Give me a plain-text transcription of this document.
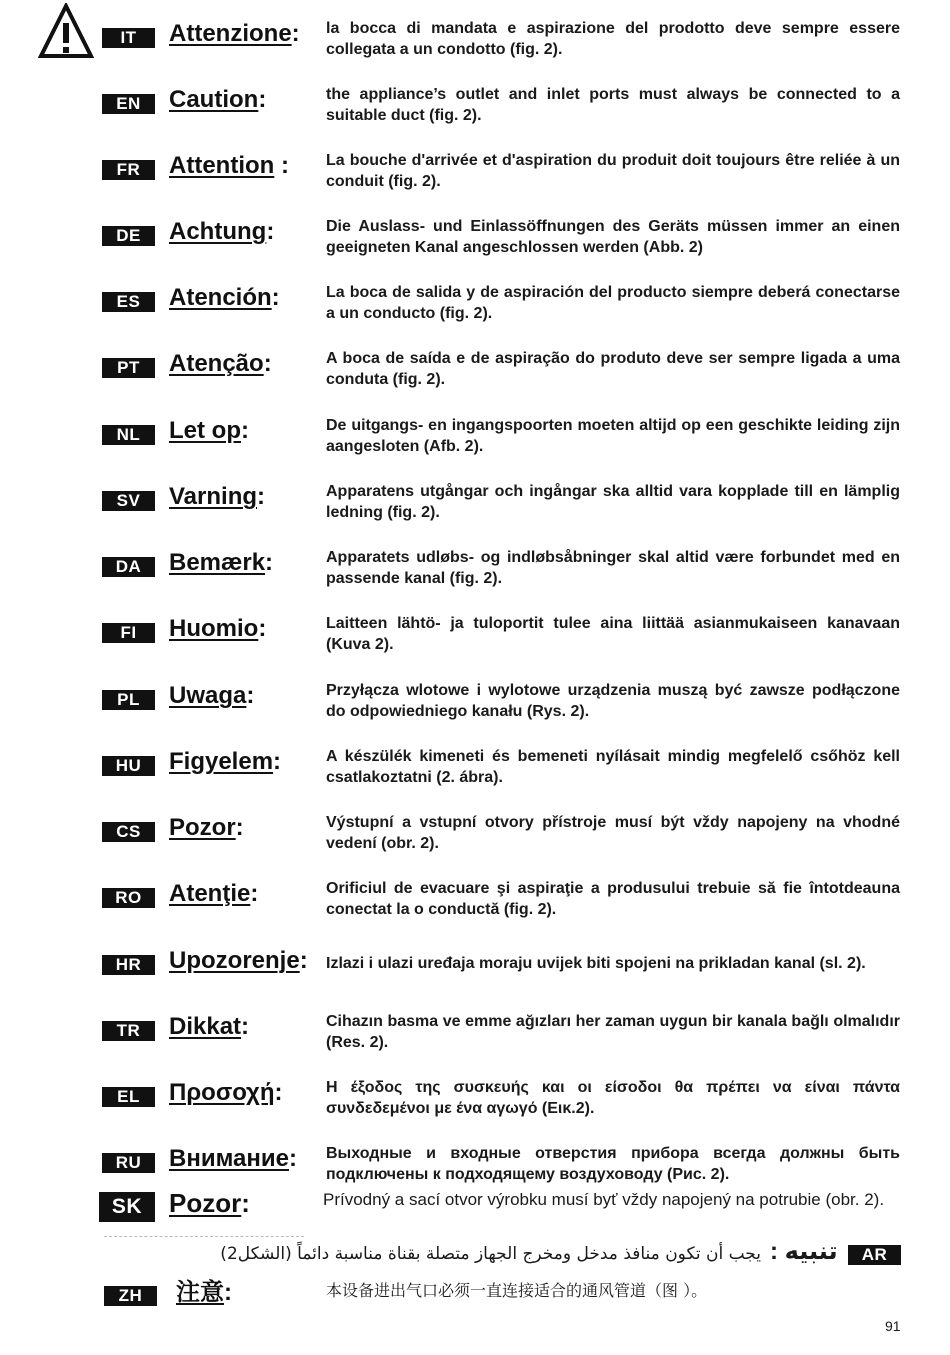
IT	Attenzione: la bocca di mandata e aspirazione del prodotto deve sempre essere collegata a un condotto (fig. 2).
EN	Caution:	the appliance’s outlet and inlet ports must always be connected to a suitable duct (fig. 2).
FR	Attention : La bouche d'arrivée et d'aspiration du produit doit toujours être reliée à un conduit (fig. 2).
DE	Achtung:	Die Auslass- und Einlassöffnungen des Geräts müssen immer an einen geeigneten Kanal angeschlossen werden (Abb. 2)
ES	Atención:	La boca de salida y de aspiración del producto siempre deberá conectarse a un conducto (fig. 2).
PT	Atenção:	A boca de saída e de aspiração do produto deve ser sempre ligada a uma conduta (fig. 2).
NL	Let op:	De uitgangs- en ingangspoorten moeten altijd op een geschikte leiding zijn aangesloten (Afb. 2).
SV	Varning:	Apparatens utgångar och ingångar ska alltid vara kopplade till en lämplig ledning (fig. 2).
DA	Bemærk:	Apparatets udløbs- og indløbsåbninger skal altid være forbundet med en passende kanal (fig. 2).
FI	Huomio:	Laitteen lähtö- ja tuloportit tulee aina liittää asianmukaiseen kanavaan (Kuva 2).
PL	Uwaga:	Przyłącza wlotowe i wylotowe urządzenia muszą być zawsze podłączone do odpowiedniego kanału (Rys. 2).
HU	Figyelem:	A készülék kimeneti és bemeneti nyílásait mindig megfelelő csőhöz kell csatlakoztatni (2. ábra).
CS	Pozor:	Výstupní a vstupní otvory přístroje musí být vždy napojeny na vhodné vedení (obr. 2).
RO	Atenţie:	Orificiul de evacuare şi aspiraţie a produsului trebuie să fie întotdeauna conectat la o conductă (fig. 2).
HR	Upozorenje: Izlazi i ulazi uređaja moraju uvijek biti spojeni na prikladan kanal (sl. 2).
TR	Dikkat:	Cihazın basma ve emme ağızları her zaman uygun bir kanala bağlı olmalıdır (Res. 2).
EL	Προσοχή:	Η έξοδος της συσκευής και οι είσοδοι θα πρέπει να είναι πάντα συνδεδεμένοι με ένα αγωγό (Εικ.2).
RU	Внимание: Выходные и входные отверстия прибора всегда должны быть подключены к подходящему воздуховоду (Рис. 2).
SK	Pozor:	Prívodný a sací otvor výrobku musí byť vždy napojený na potrubie (obr. 2).
يجب أن تكون منافذ مدخل ومخرج الجهاز متصلة بقناة مناسبة دائماً (الشكل2) تنبيه :	AR
ZH	注意:	本设备进出气口必须一直连接适合的通风管道（图 ）。
91
